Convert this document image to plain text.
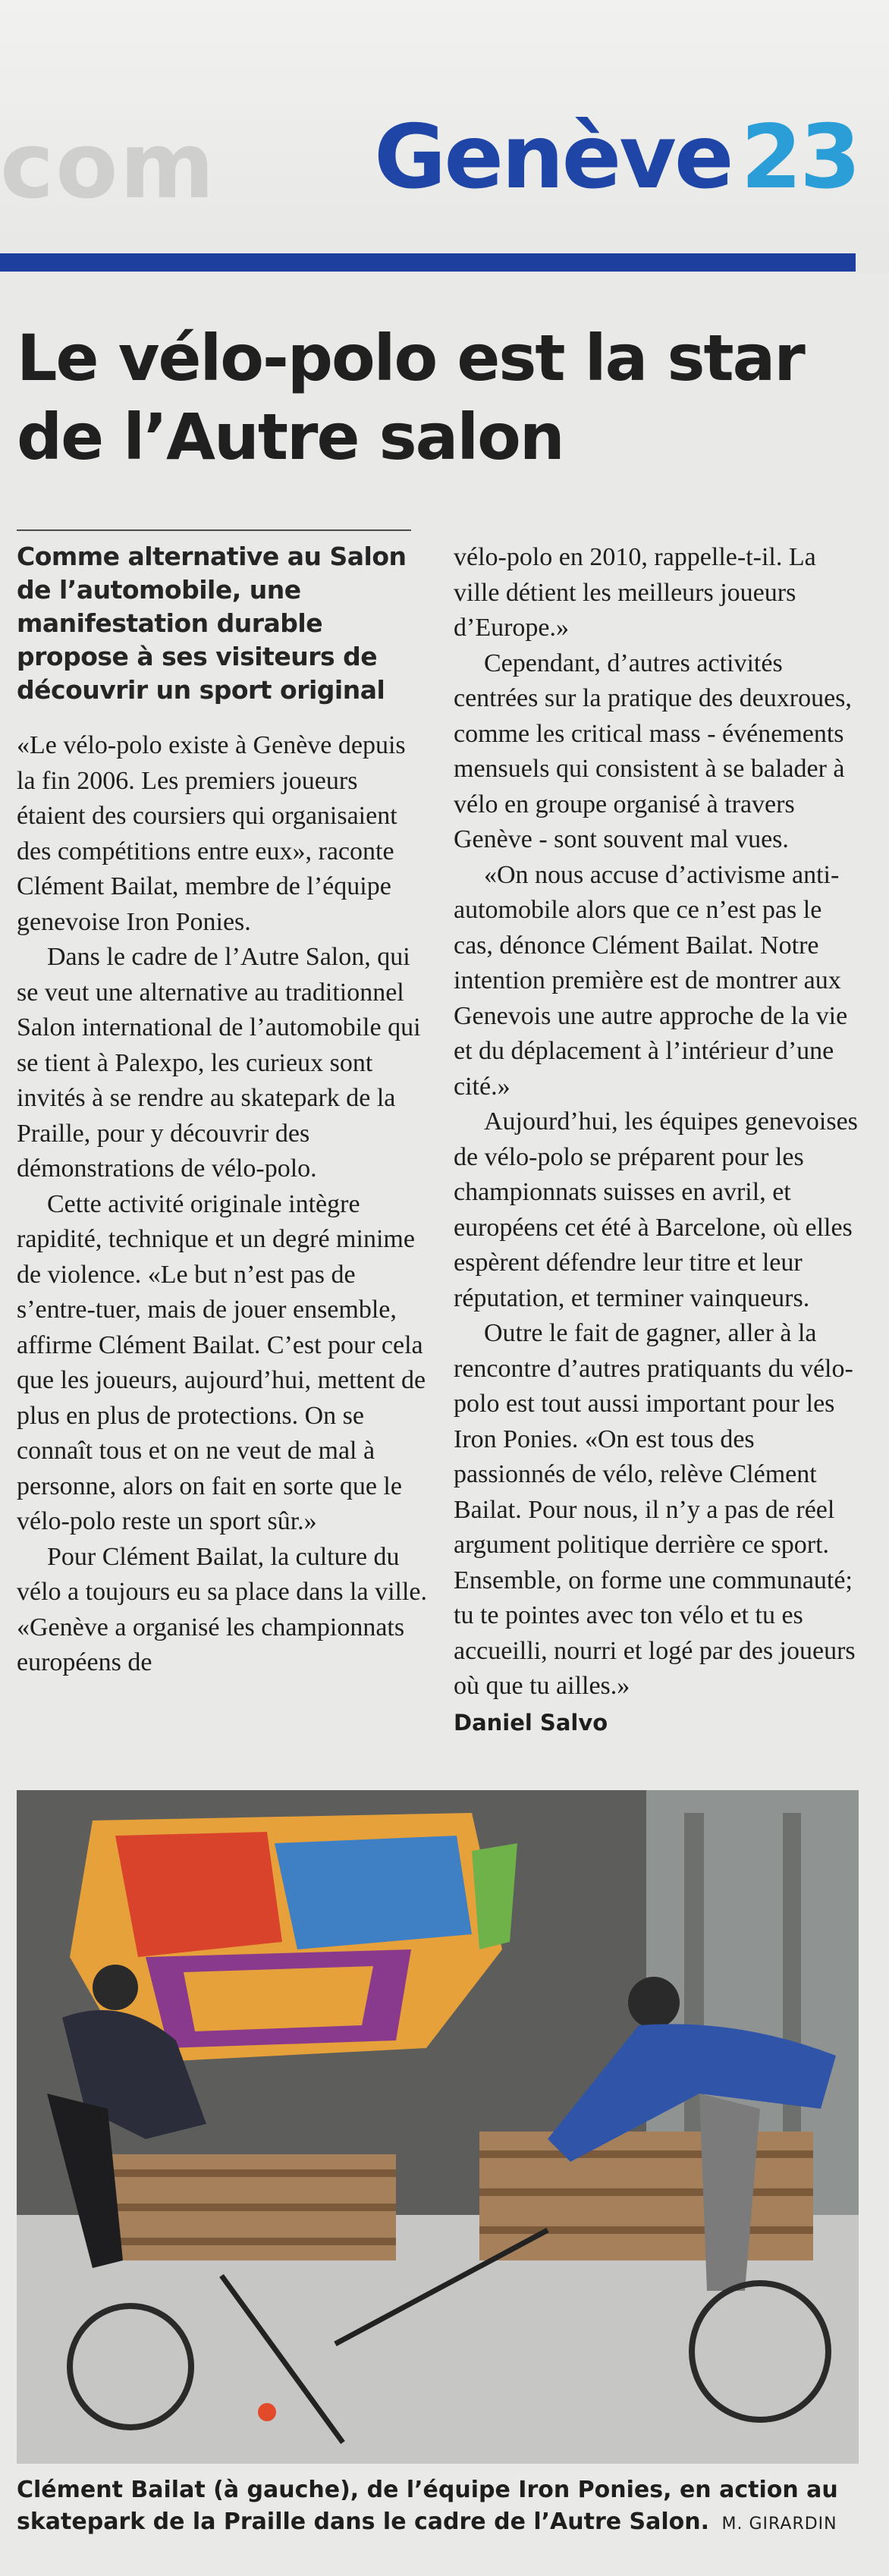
com Genève 23
Le vélo-polo est la star
de l’Autre salon

Comme alternative au Salon de l’automobile, une manifestation durable propose à ses visiteurs de découvrir un sport original

«Le vélo-polo existe à Genève depuis la fin 2006. Les premiers joueurs étaient des coursiers qui organisaient des compétitions entre eux», raconte Clément Bailat, membre de l’équipe genevoise Iron Ponies.

Dans le cadre de l’Autre Salon, qui se veut une alternative au traditionnel Salon international de l’automobile qui se tient à Palexpo, les curieux sont invités à se rendre au skatepark de la Praille, pour y découvrir des démonstrations de vélo-polo.

Cette activité originale intègre rapidité, technique et un degré minime de violence. «Le but n’est pas de s’entre-tuer, mais de jouer ensemble, affirme Clément Bailat. C’est pour cela que les joueurs, aujourd’hui, mettent de plus en plus de protections. On se connaît tous et on ne veut de mal à personne, alors on fait en sorte que le vélo-polo reste un sport sûr.»

Pour Clément Bailat, la culture du vélo a toujours eu sa place dans la ville. «Genève a organisé les championnats européens de

vélo-polo en 2010, rappelle-t-il. La ville détient les meilleurs joueurs d’Europe.»

Cependant, d’autres activités centrées sur la pratique des deuxroues, comme les critical mass - événements mensuels qui consistent à se balader à vélo en groupe organisé à travers Genève - sont souvent mal vues.

«On nous accuse d’activisme anti-automobile alors que ce n’est pas le cas, dénonce Clément Bailat. Notre intention première est de montrer aux Genevois une autre approche de la vie et du déplacement à l’intérieur d’une cité.»

Aujourd’hui, les équipes genevoises de vélo-polo se préparent pour les championnats suisses en avril, et européens cet été à Barcelone, où elles espèrent défendre leur titre et leur réputation, et terminer vainqueurs.

Outre le fait de gagner, aller à la rencontre d’autres pratiquants du vélo-polo est tout aussi important pour les Iron Ponies. «On est tous des passionnés de vélo, relève Clément Bailat. Pour nous, il n’y a pas de réel argument politique derrière ce sport. Ensemble, on forme une communauté; tu te pointes avec ton vélo et tu es accueilli, nourri et logé par des joueurs où que tu ailles.»

Daniel Salvo

Clément Bailat (à gauche), de l’équipe Iron Ponies, en action au skatepark de la Praille dans le cadre de l’Autre Salon. M. GIRARDIN
